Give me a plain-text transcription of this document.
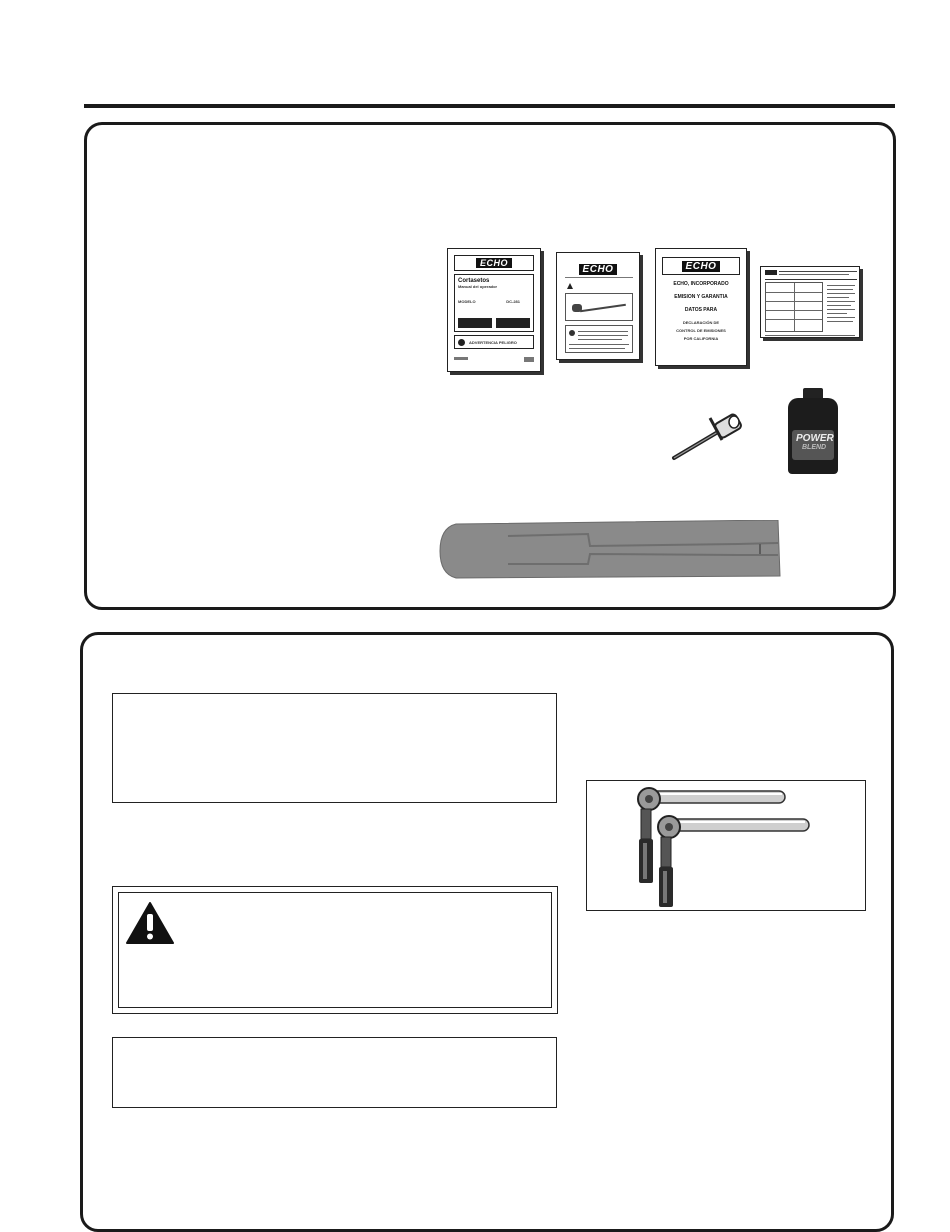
ECHO
Cortasetos
Manual del operador
MODELO	DC-281
ADVERTENCIA PELIGRO
ECHO	ECHO
ECHO, INCORPORADO
EMISION Y GARANTIA
DATOS PARA
DECLARACIÓN DE
CONTROL DE EMISIONES
POR CALIFORNIA
POWER
BLEND
